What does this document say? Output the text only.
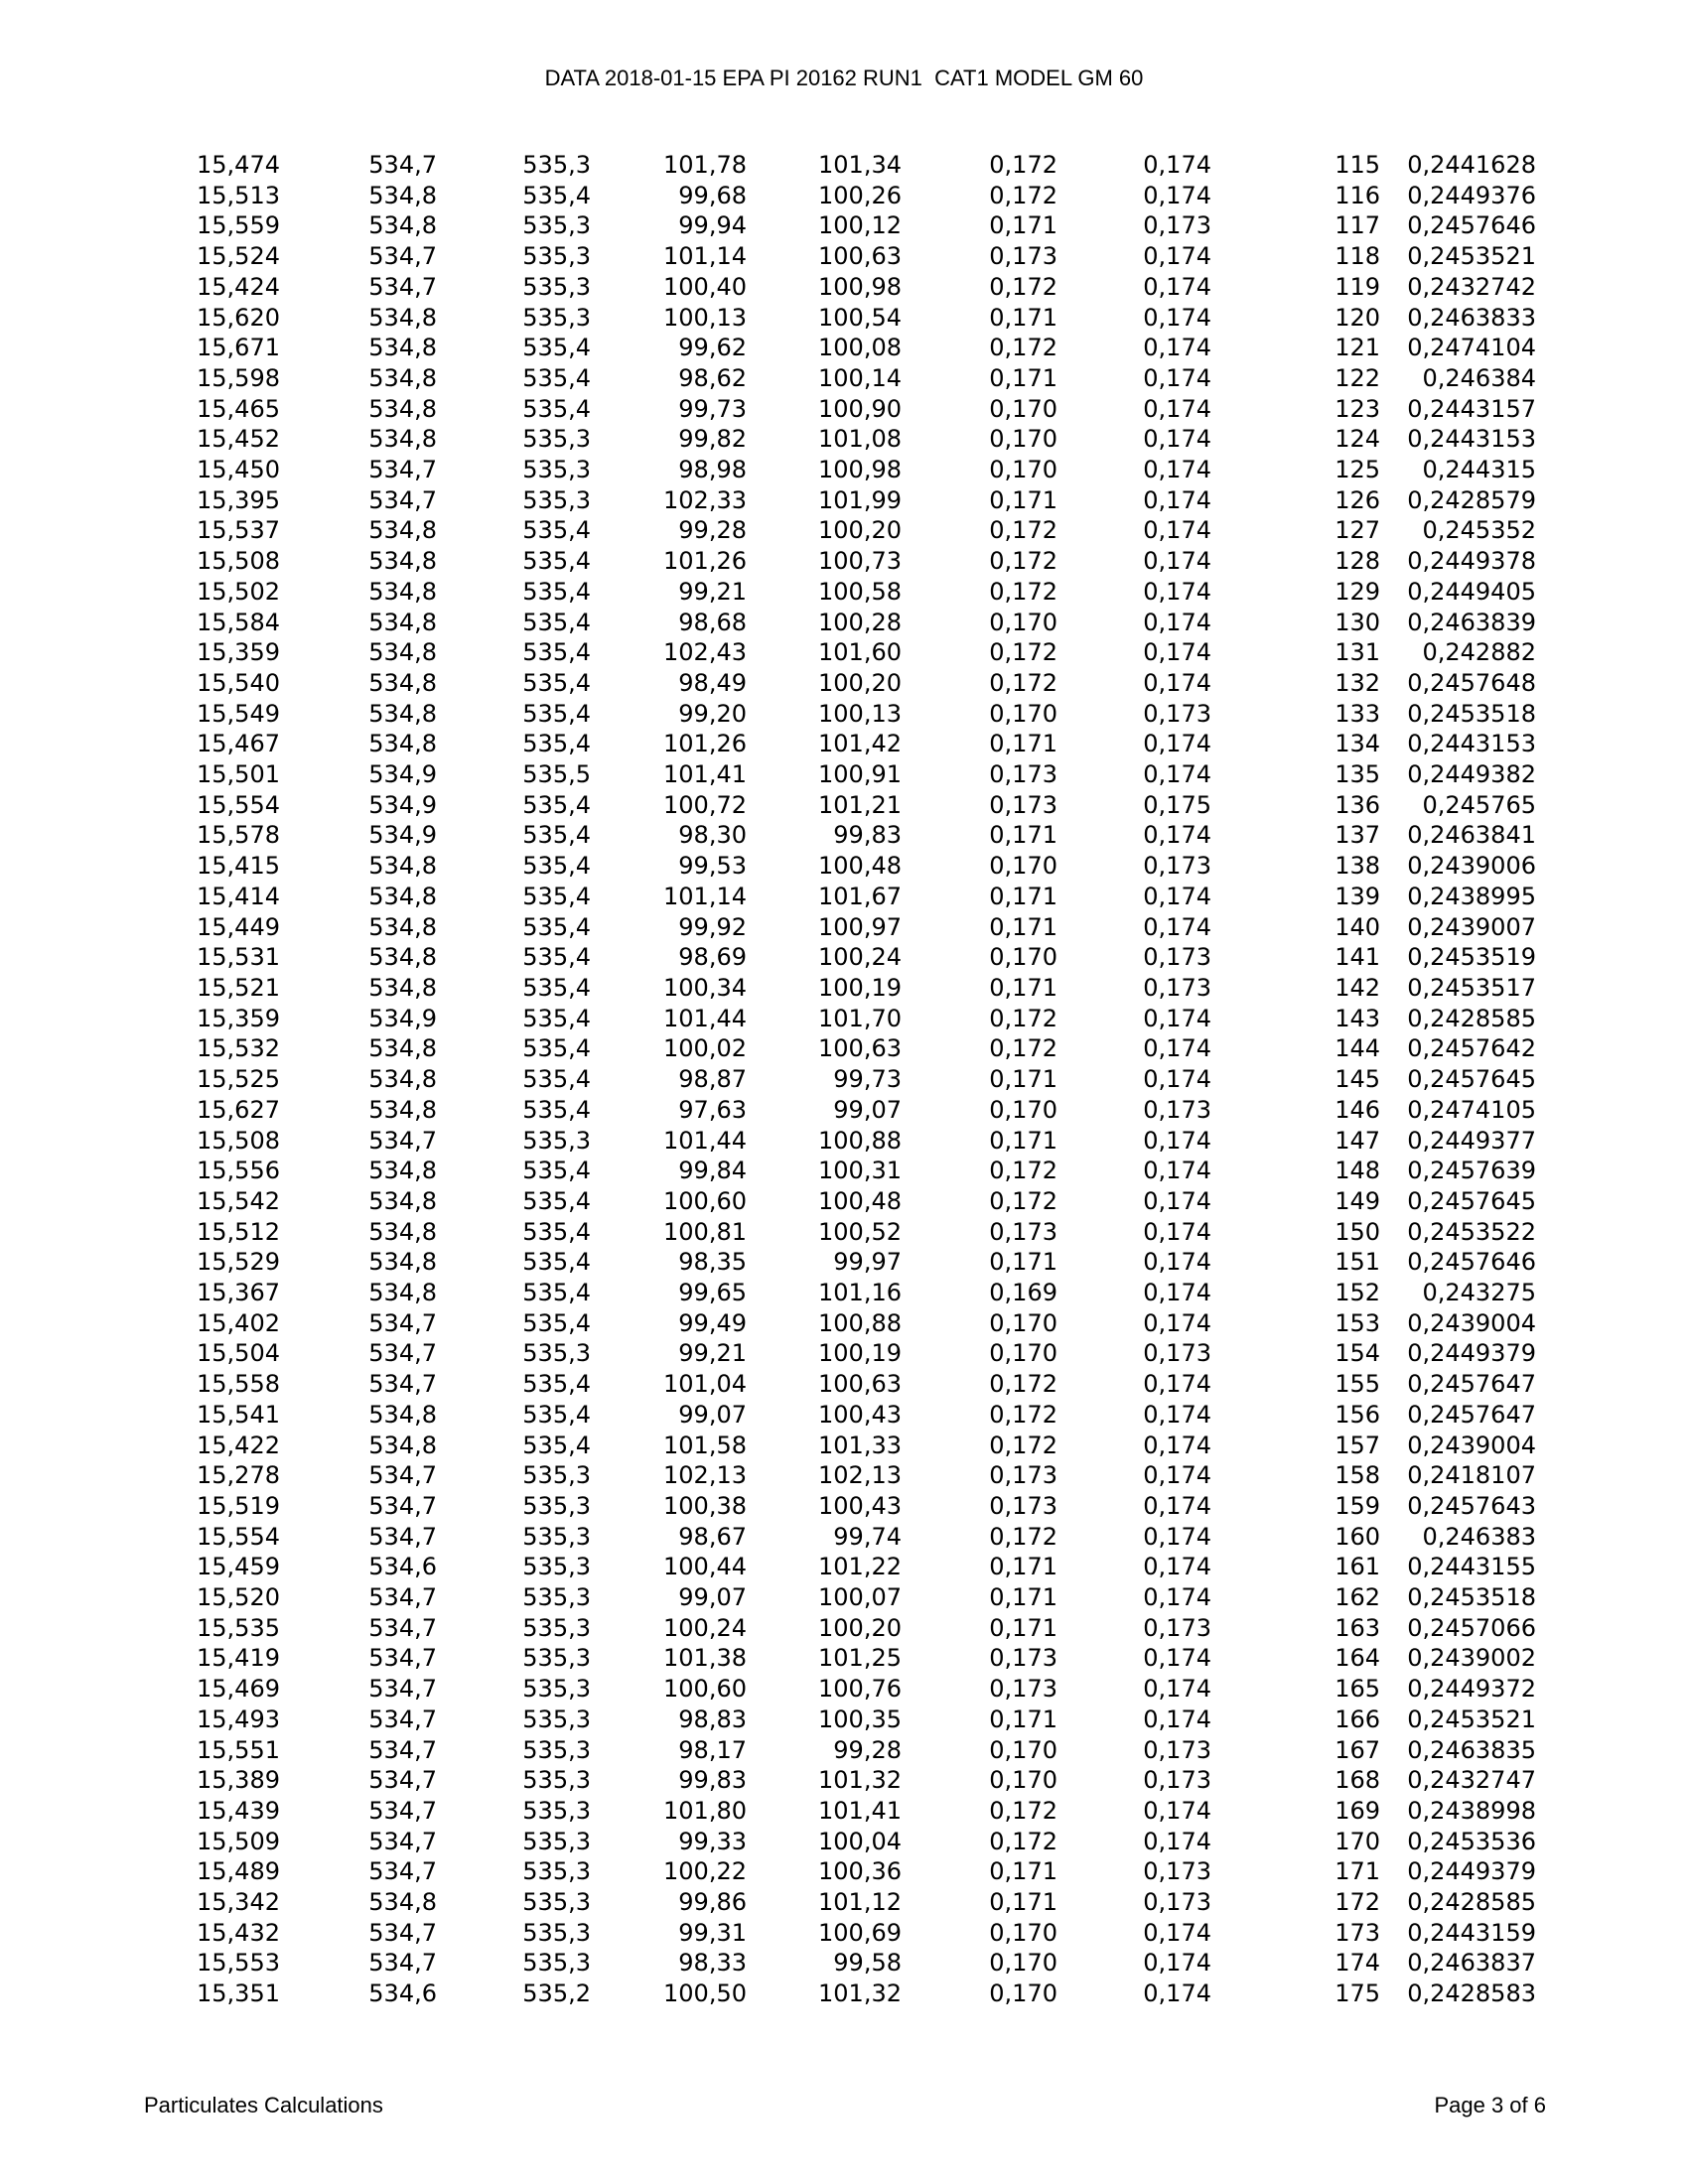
DATA 2018-01-15 EPA PI 20162 RUN1  CAT1 MODEL GM 60
15,474	534,7	535,3	101,78	101,34	0,172	0,174	115	0,2441628
15,513	534,8	535,4	99,68	100,26	0,172	0,174	116	0,2449376
15,559	534,8	535,3	99,94	100,12	0,171	0,173	117	0,2457646
15,524	534,7	535,3	101,14	100,63	0,173	0,174	118	0,2453521
15,424	534,7	535,3	100,40	100,98	0,172	0,174	119	0,2432742
15,620	534,8	535,3	100,13	100,54	0,171	0,174	120	0,2463833
15,671	534,8	535,4	99,62	100,08	0,172	0,174	121	0,2474104
15,598	534,8	535,4	98,62	100,14	0,171	0,174	122	0,246384
15,465	534,8	535,4	99,73	100,90	0,170	0,174	123	0,2443157
15,452	534,8	535,3	99,82	101,08	0,170	0,174	124	0,2443153
15,450	534,7	535,3	98,98	100,98	0,170	0,174	125	0,244315
15,395	534,7	535,3	102,33	101,99	0,171	0,174	126	0,2428579
15,537	534,8	535,4	99,28	100,20	0,172	0,174	127	0,245352
15,508	534,8	535,4	101,26	100,73	0,172	0,174	128	0,2449378
15,502	534,8	535,4	99,21	100,58	0,172	0,174	129	0,2449405
15,584	534,8	535,4	98,68	100,28	0,170	0,174	130	0,2463839
15,359	534,8	535,4	102,43	101,60	0,172	0,174	131	0,242882
15,540	534,8	535,4	98,49	100,20	0,172	0,174	132	0,2457648
15,549	534,8	535,4	99,20	100,13	0,170	0,173	133	0,2453518
15,467	534,8	535,4	101,26	101,42	0,171	0,174	134	0,2443153
15,501	534,9	535,5	101,41	100,91	0,173	0,174	135	0,2449382
15,554	534,9	535,4	100,72	101,21	0,173	0,175	136	0,245765
15,578	534,9	535,4	98,30	99,83	0,171	0,174	137	0,2463841
15,415	534,8	535,4	99,53	100,48	0,170	0,173	138	0,2439006
15,414	534,8	535,4	101,14	101,67	0,171	0,174	139	0,2438995
15,449	534,8	535,4	99,92	100,97	0,171	0,174	140	0,2439007
15,531	534,8	535,4	98,69	100,24	0,170	0,173	141	0,2453519
15,521	534,8	535,4	100,34	100,19	0,171	0,173	142	0,2453517
15,359	534,9	535,4	101,44	101,70	0,172	0,174	143	0,2428585
15,532	534,8	535,4	100,02	100,63	0,172	0,174	144	0,2457642
15,525	534,8	535,4	98,87	99,73	0,171	0,174	145	0,2457645
15,627	534,8	535,4	97,63	99,07	0,170	0,173	146	0,2474105
15,508	534,7	535,3	101,44	100,88	0,171	0,174	147	0,2449377
15,556	534,8	535,4	99,84	100,31	0,172	0,174	148	0,2457639
15,542	534,8	535,4	100,60	100,48	0,172	0,174	149	0,2457645
15,512	534,8	535,4	100,81	100,52	0,173	0,174	150	0,2453522
15,529	534,8	535,4	98,35	99,97	0,171	0,174	151	0,2457646
15,367	534,8	535,4	99,65	101,16	0,169	0,174	152	0,243275
15,402	534,7	535,4	99,49	100,88	0,170	0,174	153	0,2439004
15,504	534,7	535,3	99,21	100,19	0,170	0,173	154	0,2449379
15,558	534,7	535,4	101,04	100,63	0,172	0,174	155	0,2457647
15,541	534,8	535,4	99,07	100,43	0,172	0,174	156	0,2457647
15,422	534,8	535,4	101,58	101,33	0,172	0,174	157	0,2439004
15,278	534,7	535,3	102,13	102,13	0,173	0,174	158	0,2418107
15,519	534,7	535,3	100,38	100,43	0,173	0,174	159	0,2457643
15,554	534,7	535,3	98,67	99,74	0,172	0,174	160	0,246383
15,459	534,6	535,3	100,44	101,22	0,171	0,174	161	0,2443155
15,520	534,7	535,3	99,07	100,07	0,171	0,174	162	0,2453518
15,535	534,7	535,3	100,24	100,20	0,171	0,173	163	0,2457066
15,419	534,7	535,3	101,38	101,25	0,173	0,174	164	0,2439002
15,469	534,7	535,3	100,60	100,76	0,173	0,174	165	0,2449372
15,493	534,7	535,3	98,83	100,35	0,171	0,174	166	0,2453521
15,551	534,7	535,3	98,17	99,28	0,170	0,173	167	0,2463835
15,389	534,7	535,3	99,83	101,32	0,170	0,173	168	0,2432747
15,439	534,7	535,3	101,80	101,41	0,172	0,174	169	0,2438998
15,509	534,7	535,3	99,33	100,04	0,172	0,174	170	0,2453536
15,489	534,7	535,3	100,22	100,36	0,171	0,173	171	0,2449379
15,342	534,8	535,3	99,86	101,12	0,171	0,173	172	0,2428585
15,432	534,7	535,3	99,31	100,69	0,170	0,174	173	0,2443159
15,553	534,7	535,3	98,33	99,58	0,170	0,174	174	0,2463837
15,351	534,6	535,2	100,50	101,32	0,170	0,174	175	0,2428583
Particulates Calculations	Page 3 of 6
